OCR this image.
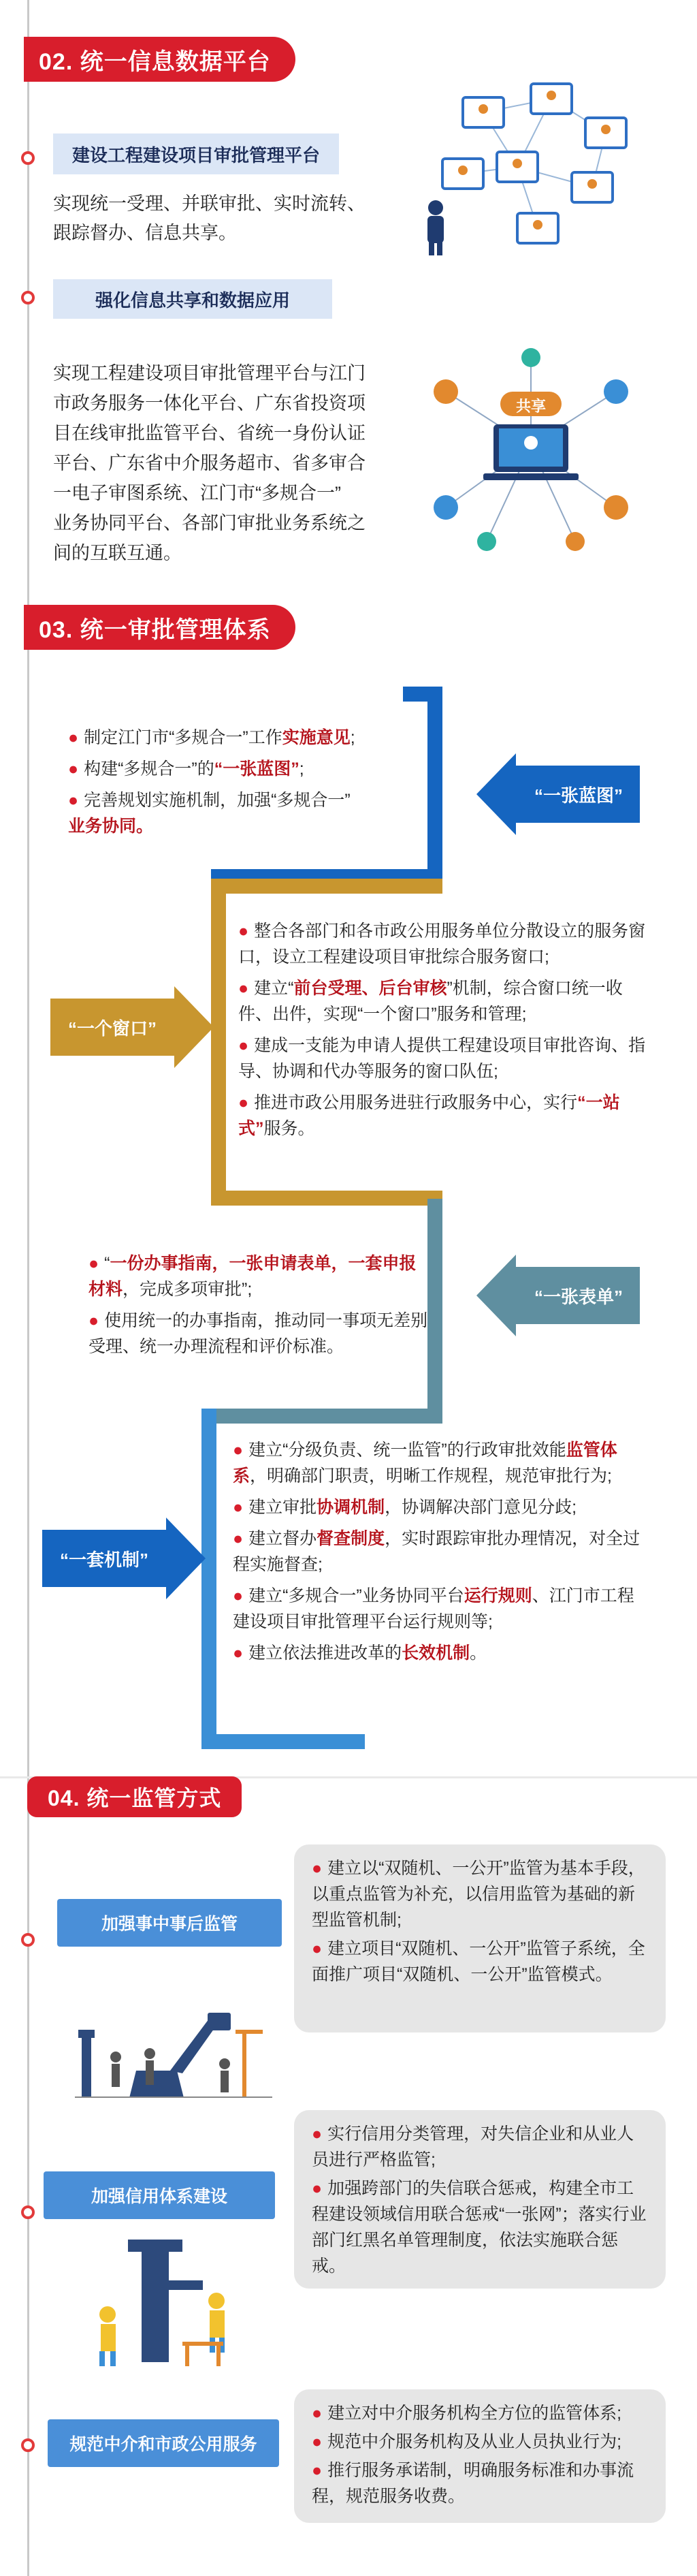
02. 统一信息数据平台
建设工程建设项目审批管理平台
实现统一受理、并联审批、实时流转、
跟踪督办、信息共享。
强化信息共享和数据应用
实现工程建设项目审批管理平台与江门
市政务服务一体化平台、广东省投资项
目在线审批监管平台、省统一身份认证
平台、广东省中介服务超市、省多审合
一电子审图系统、江门市“多规合一”
业务协同平台、各部门审批业务系统之
间的互联互通。
共享
03. 统一审批管理体系
“一张蓝图”

● 制定江门市“多规合一”工作实施意见;

● 构建“多规合一”的“一张蓝图”;

● 完善规划实施机制，加强“多规合一”
业务协同。

“一个窗口”

● 整合各部门和各市政公用服务单位分散设立的服务窗口，设立工程建设项目审批综合服务窗口;

● 建立“前台受理、后台审核”机制，综合窗口统一收件、出件，实现“一个窗口”服务和管理;

● 建成一支能为申请人提供工程建设项目审批咨询、指导、协调和代办等服务的窗口队伍;

● 推进市政公用服务进驻行政服务中心，实行“一站式”服务。

“一张表单”

● “一份办事指南，一张申请表单，一套申报材料，完成多项审批”;

● 使用统一的办事指南，推动同一事项无差别受理、统一办理流程和评价标准。

“一套机制”

● 建立“分级负责、统一监管”的行政审批效能监管体系，明确部门职责，明晰工作规程，规范审批行为;

● 建立审批协调机制，协调解决部门意见分歧;

● 建立督办督查制度，实时跟踪审批办理情况，对全过程实施督查;

● 建立“多规合一”业务协同平台运行规则、江门市工程建设项目审批管理平台运行规则等;

● 建立依法推进改革的长效机制。

04. 统一监管方式
加强事中事后监管

● 建立以“双随机、一公开”监管为基本手段，以重点监管为补充，以信用监管为基础的新型监管机制;

● 建立项目“双随机、一公开”监管子系统，全面推广项目“双随机、一公开”监管模式。

加强信用体系建设

● 实行信用分类管理，对失信企业和从业人员进行严格监管;

● 加强跨部门的失信联合惩戒，构建全市工程建设领域信用联合惩戒“一张网”；落实行业部门红黑名单管理制度，依法实施联合惩戒。

规范中介和市政公用服务

● 建立对中介服务机构全方位的监管体系;

● 规范中介服务机构及从业人员执业行为;

● 推行服务承诺制，明确服务标准和办事流程，规范服务收费。
